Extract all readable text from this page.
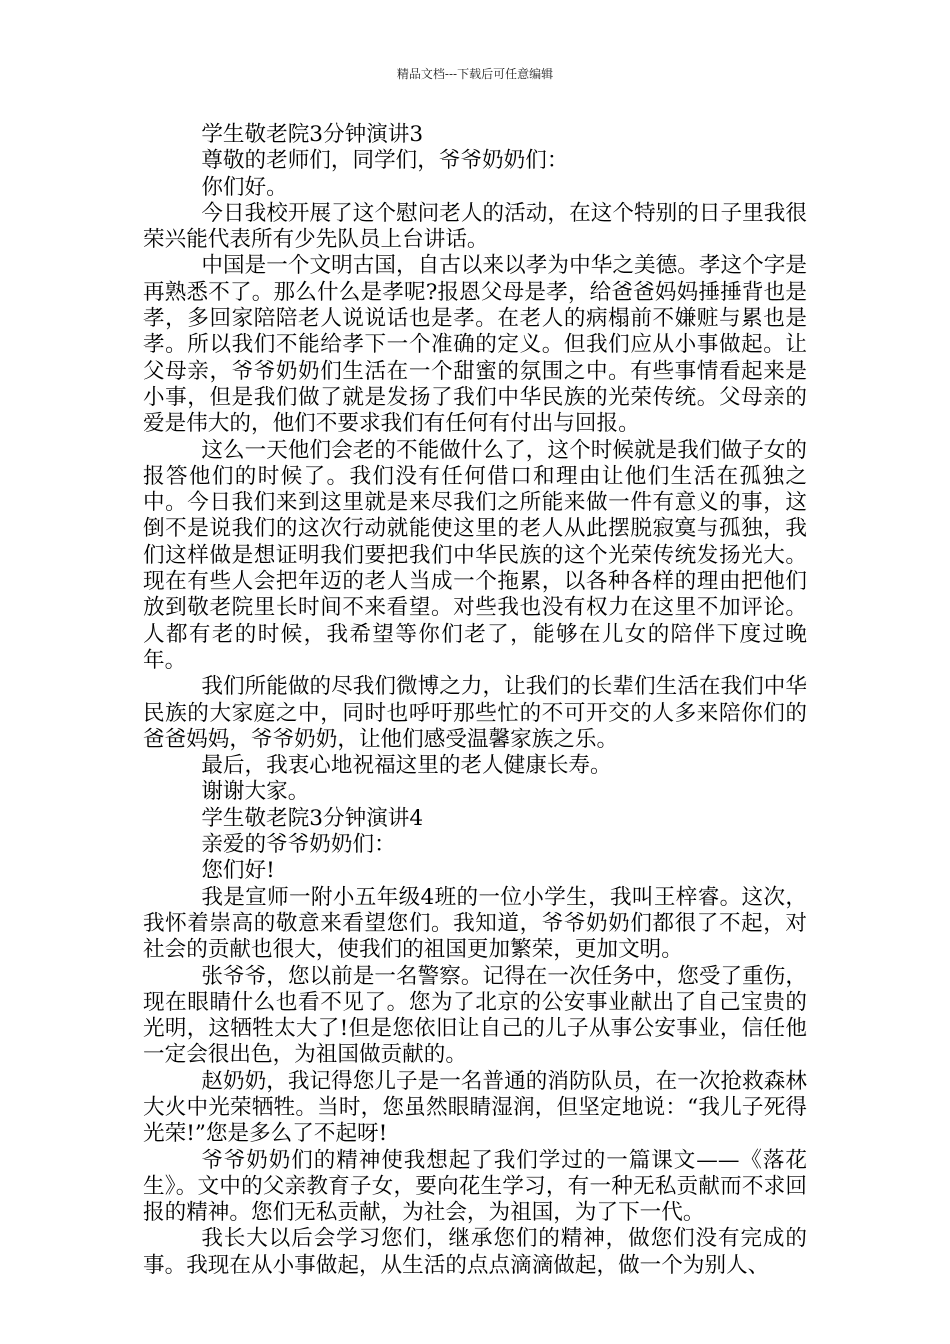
精品文档---下载后可任意编辑

学生敬老院3分钟演讲3

尊敬的老师们，同学们，爷爷奶奶们：

你们好。

今日我校开展了这个慰问老人的活动，在这个特别的日子里我很荣兴能代表所有少先队员上台讲话。

中国是一个文明古国，自古以来以孝为中华之美德。孝这个字是再熟悉不了。那么什么是孝呢?报恩父母是孝，给爸爸妈妈捶捶背也是孝，多回家陪陪老人说说话也是孝。在老人的病榻前不嫌赃与累也是孝。所以我们不能给孝下一个准确的定义。但我们应从小事做起。让父母亲，爷爷奶奶们生活在一个甜蜜的氛围之中。有些事情看起来是小事，但是我们做了就是发扬了我们中华民族的光荣传统。父母亲的爱是伟大的，他们不要求我们有任何有付出与回报。

这么一天他们会老的不能做什么了，这个时候就是我们做子女的报答他们的时候了。我们没有任何借口和理由让他们生活在孤独之中。今日我们来到这里就是来尽我们之所能来做一件有意义的事，这倒不是说我们的这次行动就能使这里的老人从此摆脱寂寞与孤独，我们这样做是想证明我们要把我们中华民族的这个光荣传统发扬光大。现在有些人会把年迈的老人当成一个拖累，以各种各样的理由把他们放到敬老院里长时间不来看望。对些我也没有权力在这里不加评论。人都有老的时候，我希望等你们老了，能够在儿女的陪伴下度过晚年。

我们所能做的尽我们微博之力，让我们的长辈们生活在我们中华民族的大家庭之中，同时也呼吁那些忙的不可开交的人多来陪你们的爸爸妈妈，爷爷奶奶，让他们感受温馨家族之乐。

最后，我衷心地祝福这里的老人健康长寿。

谢谢大家。

学生敬老院3分钟演讲4

亲爱的爷爷奶奶们：

您们好!

我是宣师一附小五年级4班的一位小学生，我叫王梓睿。这次，我怀着崇高的敬意来看望您们。我知道，爷爷奶奶们都很了不起，对社会的贡献也很大，使我们的祖国更加繁荣，更加文明。

张爷爷，您以前是一名警察。记得在一次任务中，您受了重伤，现在眼睛什么也看不见了。您为了北京的公安事业献出了自己宝贵的光明，这牺牲太大了!但是您依旧让自己的儿子从事公安事业，信任他一定会很出色，为祖国做贡献的。

赵奶奶，我记得您儿子是一名普通的消防队员，在一次抢救森林大火中光荣牺牲。当时，您虽然眼睛湿润，但坚定地说：“我儿子死得光荣!”您是多么了不起呀!

爷爷奶奶们的精神使我想起了我们学过的一篇课文——《落花生》。文中的父亲教育子女，要向花生学习，有一种无私贡献而不求回报的精神。您们无私贡献，为社会，为祖国，为了下一代。

我长大以后会学习您们，继承您们的精神，做您们没有完成的事。我现在从小事做起，从生活的点点滴滴做起，做一个为别人、
